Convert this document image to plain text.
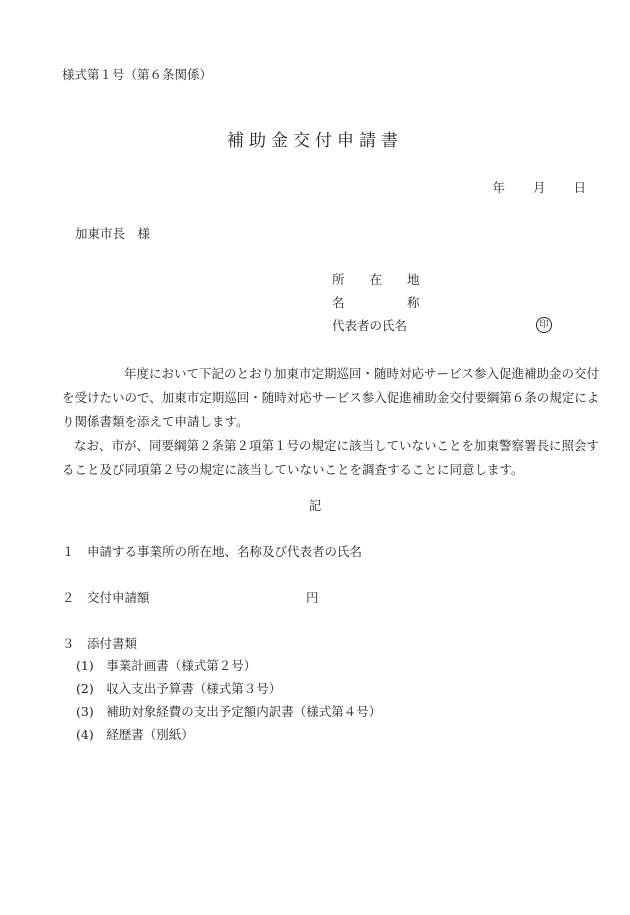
様式第１号（第６条関係）
補助金交付申請書
年 月 日
加東市長　様
所　　在　　地
名　　　　　称
代表者の氏名	印

年度において下記のとおり加東市定期巡回・随時対応サービス参入促進補助金の交付を受けたいので、加東市定期巡回・随時対応サービス参入促進補助金交付要綱第６条の規定により関係書類を添えて申請します。

なお、市が、同要綱第２条第２項第１号の規定に該当していないことを加東警察署長に照会すること及び同項第２号の規定に該当していないことを調査することに同意します。

記
１　申請する事業所の所在地、名称及び代表者の氏名
２　交付申請額	円
３　添付書類
(1)　事業計画書（様式第２号）
(2)　収入支出予算書（様式第３号）
(3)　補助対象経費の支出予定額内訳書（様式第４号）
(4)　経歴書（別紙）
